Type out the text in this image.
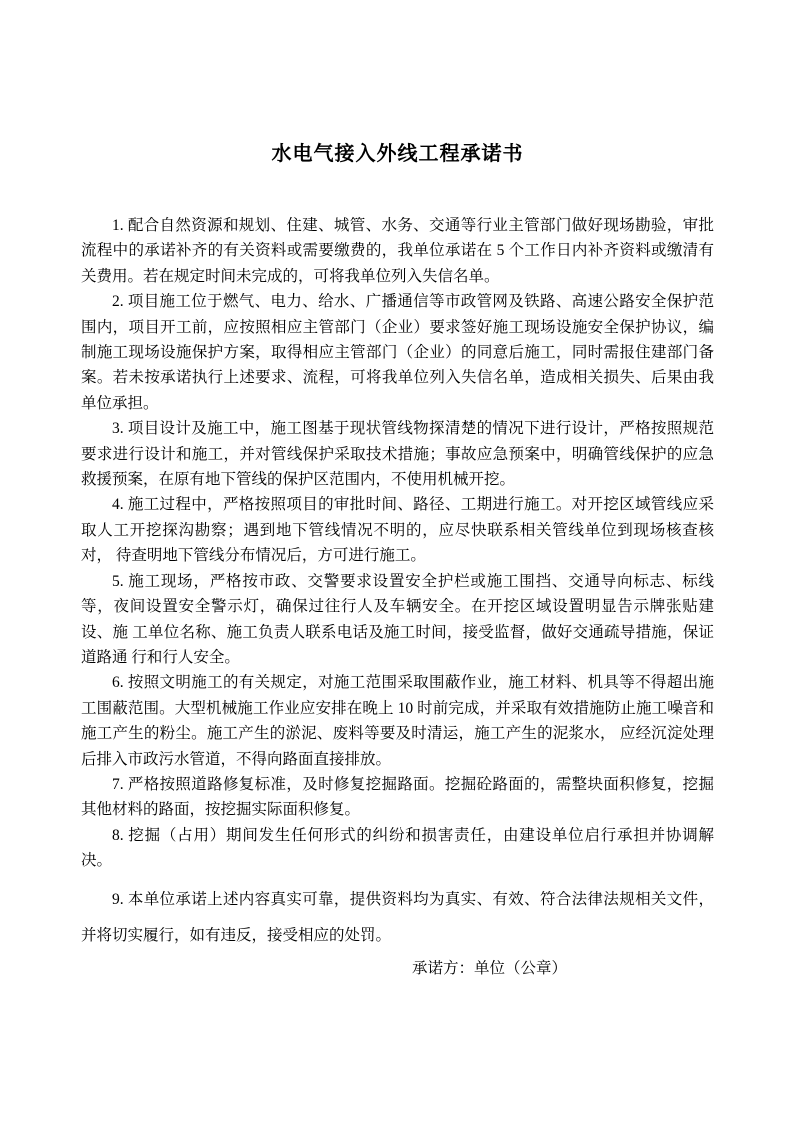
水电气接入外线工程承诺书

1. 配合自然资源和规划、住建、城管、水务、交通等行业主管部门做好现场勘验，审批流程中的承诺补齐的有关资料或需要缴费的，我单位承诺在 5 个工作日内补齐资料或缴清有关费用。若在规定时间未完成的，可将我单位列入失信名单。

2. 项目施工位于燃气、电力、给水、广播通信等市政管网及铁路、高速公路安全保护范 围内，项目开工前，应按照相应主管部门（企业）要求签好施工现场设施安全保护协议，编 制施工现场设施保护方案，取得相应主管部门（企业）的同意后施工，同时需报住建部门备 案。若未按承诺执行上述要求、流程，可将我单位列入失信名单，造成相关损失、后果由我 单位承担。

3. 项目设计及施工中，施工图基于现状管线物探清楚的情况下进行设计，严格按照规范要求进行设计和施工，并对管线保护采取技术措施；事故应急预案中，明确管线保护的应急救援预案，在原有地下管线的保护区范围内，不使用机械开挖。

4. 施工过程中，严格按照项目的审批时间、路径、工期进行施工。对开挖区域管线应采取人工开挖探沟勘察；遇到地下管线情况不明的，应尽快联系相关管线单位到现场核查核对， 待查明地下管线分布情况后，方可进行施工。

5. 施工现场，严格按市政、交警要求设置安全护栏或施工围挡、交通导向标志、标线等，夜间设置安全警示灯，确保过往行人及车辆安全。在开挖区域设置明显告示牌张贴建设、施 工单位名称、施工负责人联系电话及施工时间，接受监督，做好交通疏导措施，保证道路通 行和行人安全。

6. 按照文明施工的有关规定，对施工范围采取围蔽作业，施工材料、机具等不得超出施工围蔽范围。大型机械施工作业应安排在晚上 10 时前完成，并采取有效措施防止施工噪音和 施工产生的粉尘。施工产生的淤泥、废料等要及时清运，施工产生的泥浆水， 应经沉淀处理 后排入市政污水管道，不得向路面直接排放。

7. 严格按照道路修复标准，及时修复挖掘路面。挖掘砼路面的，需整块面积修复，挖掘其他材料的路面，按挖掘实际面积修复。

8. 挖掘（占用）期间发生任何形式的纠纷和损害责任，由建设单位启行承担并协调解决。

9. 本单位承诺上述内容真实可靠，提供资料均为真实、有效、符合法律法规相关文件，并将切实履行，如有违反，接受相应的处罚。

承诺方：单位（公章）
